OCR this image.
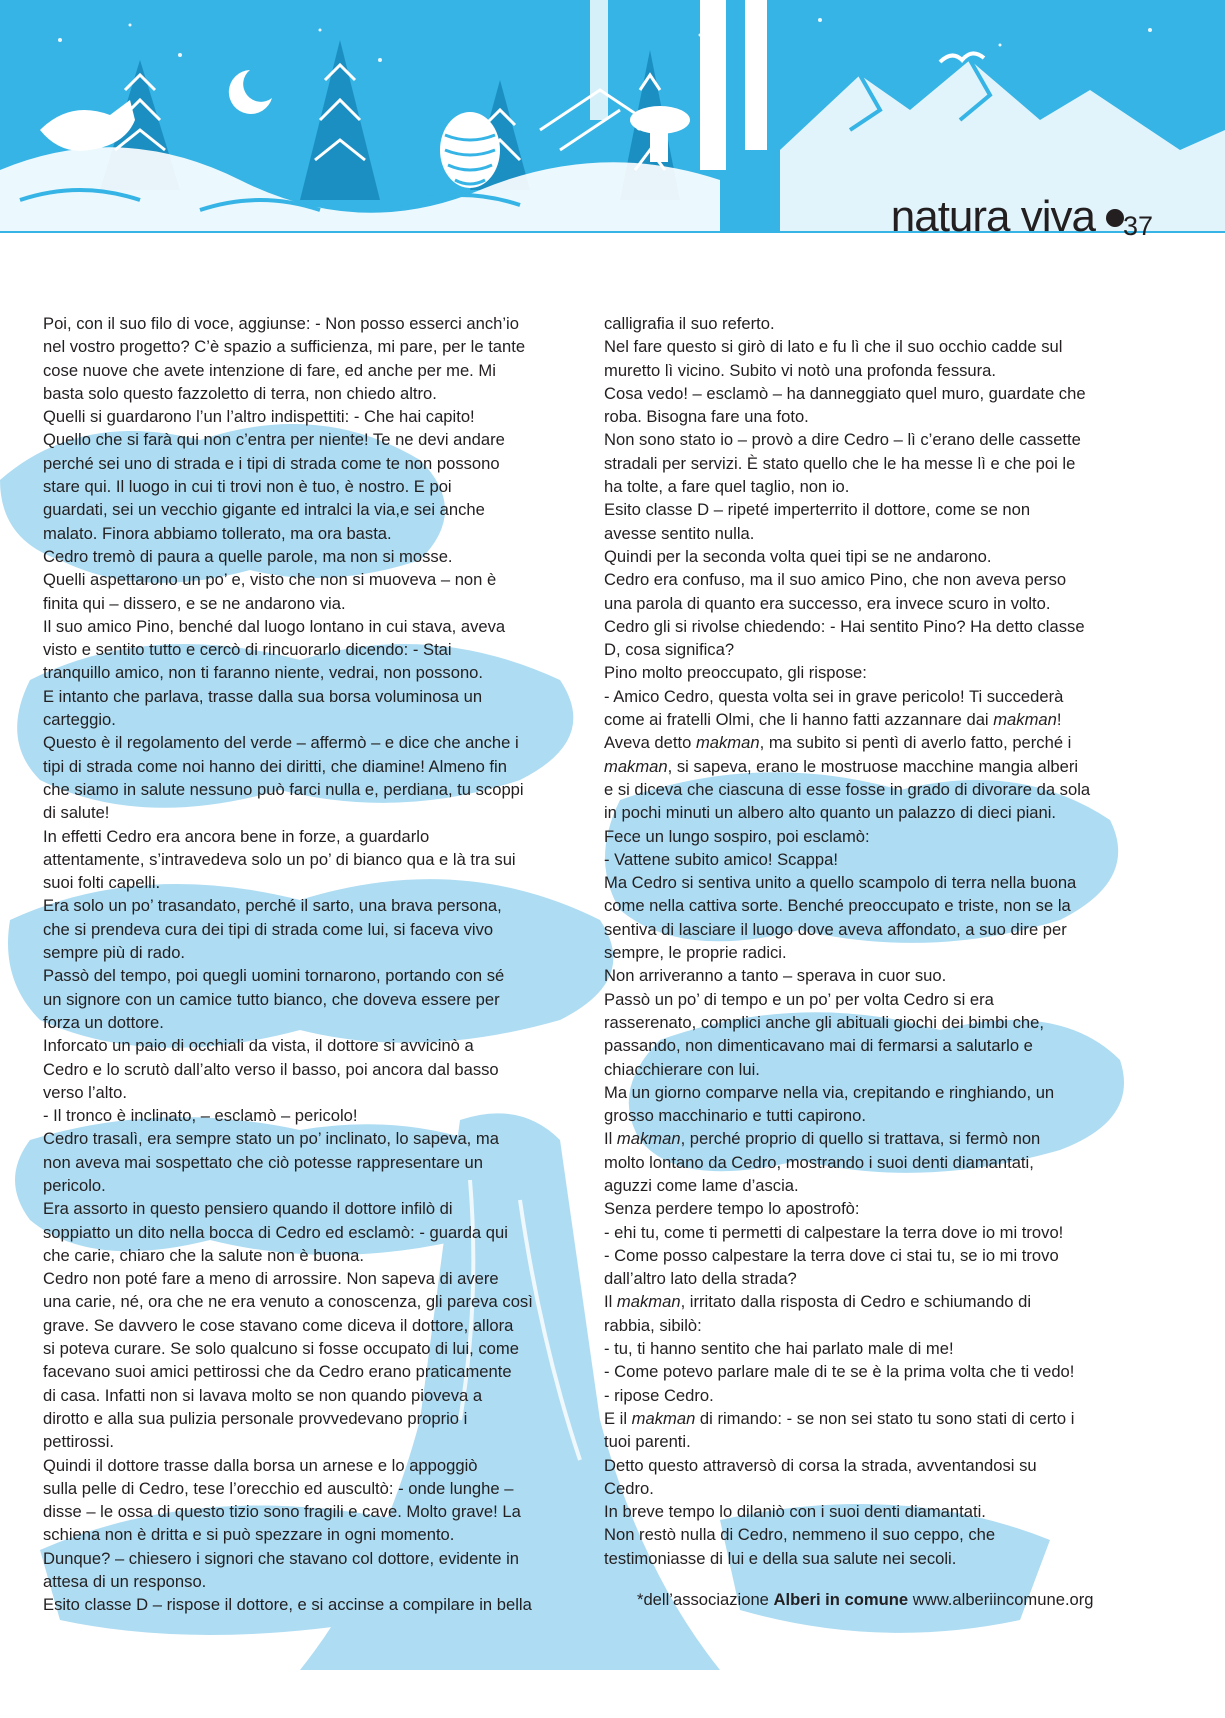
natura viva 37

Poi, con il suo filo di voce, aggiunse: - Non posso esserci anch’io

nel vostro progetto? C’è spazio a sufficienza, mi pare, per le tante

cose nuove che avete intenzione di fare, ed anche per me. Mi

basta solo questo fazzoletto di terra, non chiedo altro.

Quelli si guardarono l’un l’altro indispettiti: - Che hai capito!

Quello che si farà qui non c’entra per niente! Te ne devi andare

perché sei uno di strada e i tipi di strada come te non possono

stare qui. Il luogo in cui ti trovi non è tuo, è nostro. E poi

guardati, sei un vecchio gigante ed intralci la via,e sei anche

malato. Finora abbiamo tollerato, ma ora basta.

Cedro tremò di paura a quelle parole, ma non si mosse.

Quelli aspettarono un po’ e, visto che non si muoveva – non è

finita qui – dissero, e se ne andarono via.

Il suo amico Pino, benché dal luogo lontano in cui stava, aveva

visto e sentito tutto e cercò di rincuorarlo dicendo: - Stai

tranquillo amico, non ti faranno niente, vedrai, non possono.

E intanto che parlava, trasse dalla sua borsa voluminosa un

carteggio.

Questo è il regolamento del verde – affermò – e dice che anche i

tipi di strada come noi hanno dei diritti, che diamine! Almeno fin

che siamo in salute nessuno può farci nulla e, perdiana, tu scoppi

di salute!

In effetti Cedro era ancora bene in forze, a guardarlo

attentamente, s’intravedeva solo un po’ di bianco qua e là tra sui

suoi folti capelli.

Era solo un po’ trasandato, perché il sarto, una brava persona,

che si prendeva cura dei tipi di strada come lui, si faceva vivo

sempre più di rado.

Passò del tempo, poi quegli uomini tornarono, portando con sé

un signore con un camice tutto bianco, che doveva essere per

forza un dottore.

Inforcato un paio di occhiali da vista, il dottore si avvicinò a

Cedro e lo scrutò dall’alto verso il basso, poi ancora dal basso

verso l’alto.

- Il tronco è inclinato, – esclamò – pericolo!

Cedro trasalì, era sempre stato un po’ inclinato, lo sapeva, ma

non aveva mai sospettato che ciò potesse rappresentare un

pericolo.

Era assorto in questo pensiero quando il dottore infilò di

soppiatto un dito nella bocca di Cedro ed esclamò: - guarda qui

che carie, chiaro che la salute non è buona.

Cedro non poté fare a meno di arrossire. Non sapeva di avere

una carie, né, ora che ne era venuto a conoscenza, gli pareva così

grave. Se davvero le cose stavano come diceva il dottore, allora

si poteva curare. Se solo qualcuno si fosse occupato di lui, come

facevano suoi amici pettirossi che da Cedro erano praticamente

di casa. Infatti non si lavava molto se non quando pioveva a

dirotto e alla sua pulizia personale provvedevano proprio i

pettirossi.

Quindi il dottore trasse dalla borsa un arnese e lo appoggiò

sulla pelle di Cedro, tese l’orecchio ed auscultò: - onde lunghe –

disse – le ossa di questo tizio sono fragili e cave. Molto grave! La

schiena non è dritta e si può spezzare in ogni momento.

Dunque? – chiesero i signori che stavano col dottore, evidente in

attesa di un responso.

Esito classe D – rispose il dottore, e si accinse a compilare in bella

calligrafia il suo referto.

Nel fare questo si girò di lato e fu lì che il suo occhio cadde sul

muretto lì vicino. Subito vi notò una profonda fessura.

Cosa vedo! – esclamò – ha danneggiato quel muro, guardate che

roba. Bisogna fare una foto.

Non sono stato io – provò a dire Cedro – lì c’erano delle cassette

stradali per servizi. È stato quello che le ha messe lì e che poi le

ha tolte, a fare quel taglio, non io.

Esito classe D – ripeté imperterrito il dottore, come se non

avesse sentito nulla.

Quindi per la seconda volta quei tipi se ne andarono.

Cedro era confuso, ma il suo amico Pino, che non aveva perso

una parola di quanto era successo, era invece scuro in volto.

Cedro gli si rivolse chiedendo: - Hai sentito Pino? Ha detto classe

D, cosa significa?

Pino molto preoccupato, gli rispose:

- Amico Cedro, questa volta sei in grave pericolo! Ti succederà

come ai fratelli Olmi, che li hanno fatti azzannare dai makman!

Aveva detto makman, ma subito si pentì di averlo fatto, perché i

makman, si sapeva, erano le mostruose macchine mangia alberi

e si diceva che ciascuna di esse fosse in grado di divorare da sola

in pochi minuti un albero alto quanto un palazzo di dieci piani.

Fece un lungo sospiro, poi esclamò:

- Vattene subito amico! Scappa!

Ma Cedro si sentiva unito a quello scampolo di terra nella buona

come nella cattiva sorte. Benché preoccupato e triste, non se la

sentiva di lasciare il luogo dove aveva affondato, a suo dire per

sempre, le proprie radici.

Non arriveranno a tanto – sperava in cuor suo.

Passò un po’ di tempo e un po’ per volta Cedro si era

rasserenato, complici anche gli abituali giochi dei bimbi che,

passando, non dimenticavano mai di fermarsi a salutarlo e

chiacchierare con lui.

Ma un giorno comparve nella via, crepitando e ringhiando, un

grosso macchinario e tutti capirono.

Il makman, perché proprio di quello si trattava, si fermò non

molto lontano da Cedro, mostrando i suoi denti diamantati,

aguzzi come lame d’ascia.

Senza perdere tempo lo apostrofò:

- ehi tu, come ti permetti di calpestare la terra dove io mi trovo!

- Come posso calpestare la terra dove ci stai tu, se io mi trovo

dall’altro lato della strada?

Il makman, irritato dalla risposta di Cedro e schiumando di

rabbia, sibilò:

- tu, ti hanno sentito che hai parlato male di me!

- Come potevo parlare male di te se è la prima volta che ti vedo!

- ripose Cedro.

E il makman di rimando: - se non sei stato tu sono stati di certo i

tuoi parenti.

Detto questo attraversò di corsa la strada, avventandosi su

Cedro.

In breve tempo lo dilaniò con i suoi denti diamantati.

Non restò nulla di Cedro, nemmeno il suo ceppo, che

testimoniasse di lui e della sua salute nei secoli.

*dell’associazione Alberi in comune www.alberiincomune.org
